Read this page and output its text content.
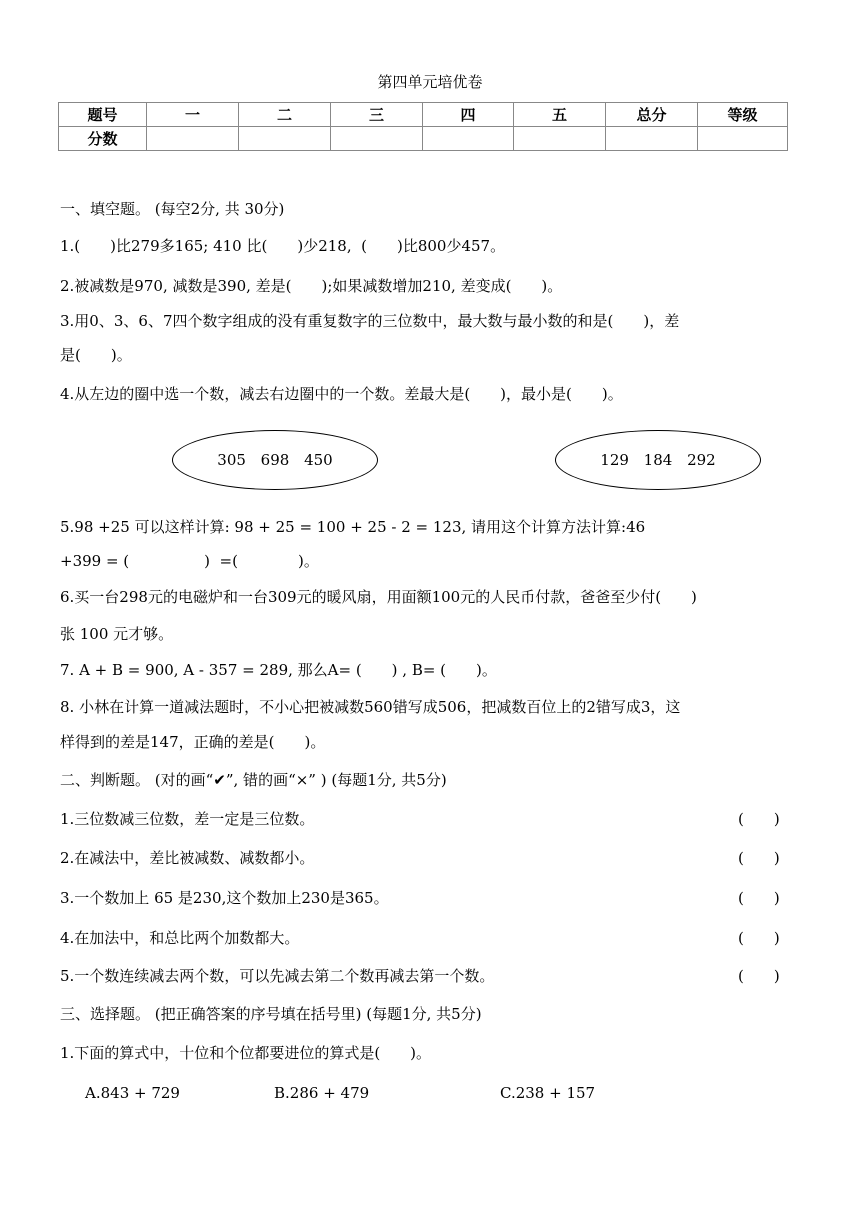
第四单元培优卷
题号	一	二	三	四	五	总分	等级
分数							
一、填空题。 (每空2分, 共 30分)
1.(　　)比279多165; 410 比(　　)少218,  (　　)比800少457。
2.被减数是970, 减数是390, 差是(　　);如果减数增加210, 差变成(　　)。
3.用0、3、6、7四个数字组成的没有重复数字的三位数中，最大数与最小数的和是(　　)，差
是(　　)。
4.从左边的圈中选一个数，减去右边圈中的一个数。差最大是(　　)，最小是(　　)。
305 698 450	129 184 292
5.98 +25 可以这样计算: 98 + 25 = 100 + 25 - 2 = 123, 请用这个计算方法计算:46
+399 = (　　　　　)  =(　　　　)。
6.买一台298元的电磁炉和一台309元的暖风扇，用面额100元的人民币付款，爸爸至少付(　　)
张 100 元才够。
7. A + B = 900, A - 357 = 289, 那么A= (　　) , B= (　　)。
8. 小林在计算一道减法题时，不小心把被减数560错写成506，把减数百位上的2错写成3，这
样得到的差是147，正确的差是(　　)。
二、判断题。 (对的画“✔”, 错的画“×” ) (每题1分, 共5分)
1.三位数减三位数，差一定是三位数。	(　　)
2.在减法中，差比被减数、减数都小。	(　　)
3.一个数加上 65 是230,这个数加上230是365。	(　　)
4.在加法中，和总比两个加数都大。	(　　)
5.一个数连续减去两个数，可以先减去第二个数再减去第一个数。	(　　)
三、选择题。 (把正确答案的序号填在括号里) (每题1分, 共5分)
1.下面的算式中，十位和个位都要进位的算式是(　　)。
A.843 + 729	B.286 + 479	C.238 + 157
